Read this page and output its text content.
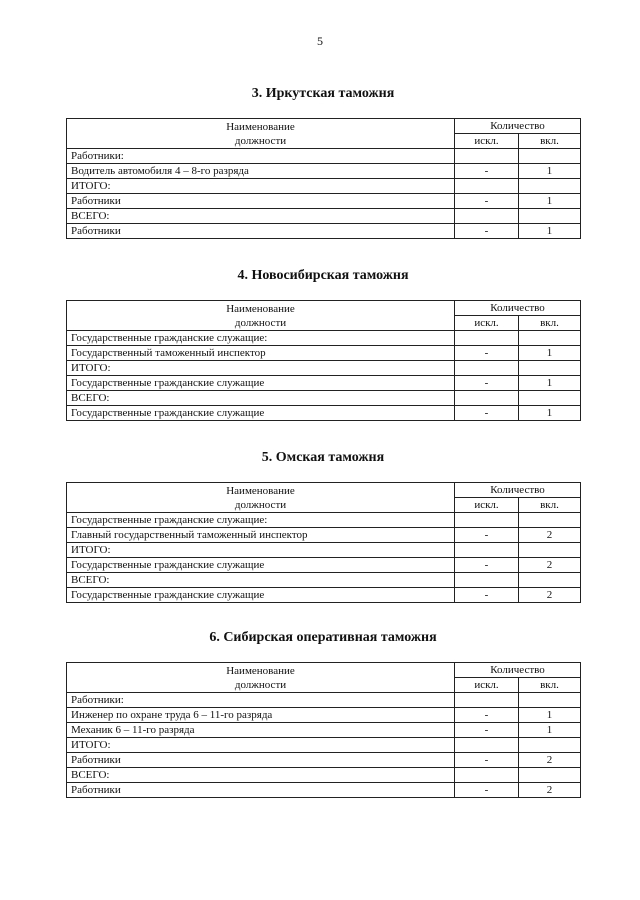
5
3. Иркутская таможня
Наименование
должности	Количество	
	искл.	вкл.
Работники:		
Водитель автомобиля 4 – 8-го разряда	-	1
ИТОГО:		
Работники	-	1
ВСЕГО:		
Работники	-	1
4. Новосибирская таможня
Наименование
должности	Количество	
	искл.	вкл.
Государственные гражданские служащие:		
Государственный таможенный инспектор	-	1
ИТОГО:		
Государственные гражданские служащие	-	1
ВСЕГО:		
Государственные гражданские служащие	-	1
5. Омская таможня
Наименование
должности	Количество	
	искл.	вкл.
Государственные гражданские служащие:		
Главный государственный таможенный инспектор	-	2
ИТОГО:		
Государственные гражданские служащие	-	2
ВСЕГО:		
Государственные гражданские служащие	-	2
6. Сибирская оперативная таможня
Наименование
должности	Количество	
	искл.	вкл.
Работники:		
Инженер по охране труда 6 – 11-го разряда	-	1
Механик 6 – 11-го разряда	-	1
ИТОГО:		
Работники	-	2
ВСЕГО:		
Работники	-	2
